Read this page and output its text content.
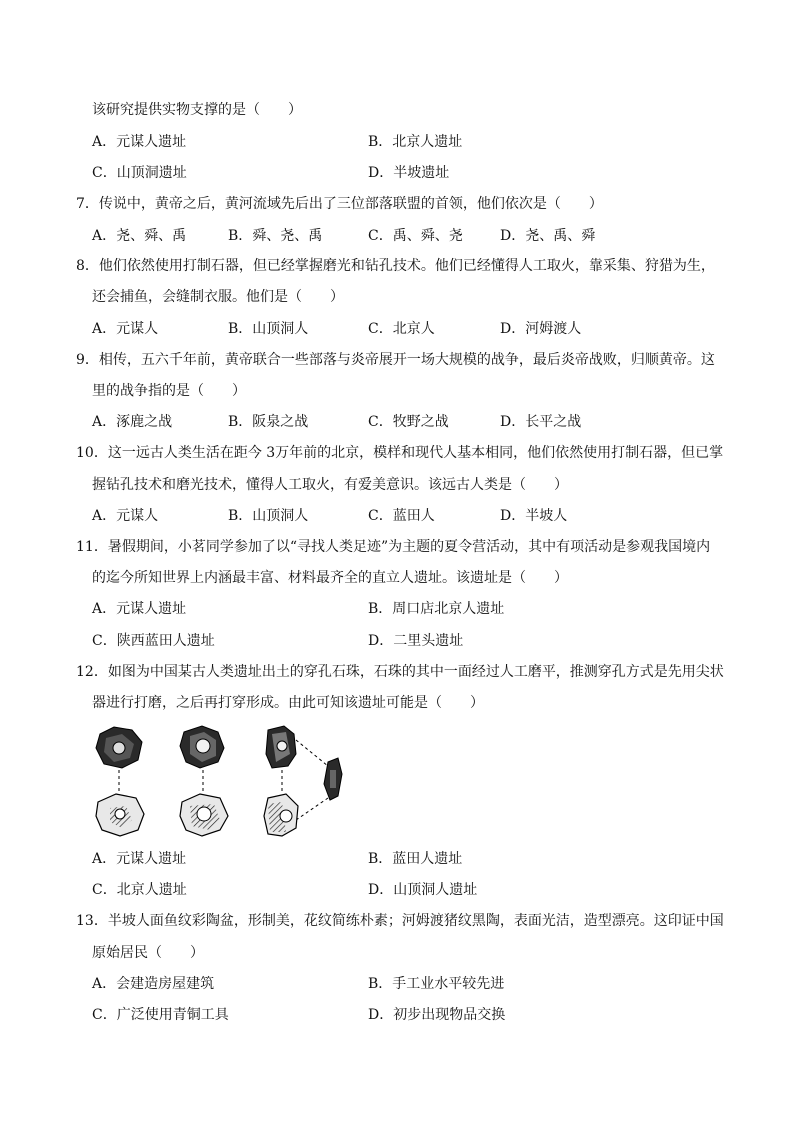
该研究提供实物支撑的是（　　）
A．元谋人遗址	B．北京人遗址
C．山顶洞遗址	D．半坡遗址
7．传说中，黄帝之后，黄河流域先后出了三位部落联盟的首领，他们依次是（　　）
A．尧、舜、禹	B．舜、尧、禹	C．禹、舜、尧	D．尧、禹、舜
8．他们依然使用打制石器，但已经掌握磨光和钻孔技术。他们已经懂得人工取火，靠采集、狩猎为生，
还会捕鱼，会缝制衣服。他们是（　　）
A．元谋人	B．山顶洞人	C．北京人	D．河姆渡人
9．相传，五六千年前，黄帝联合一些部落与炎帝展开一场大规模的战争，最后炎帝战败，归顺黄帝。这
里的战争指的是（　　）
A．涿鹿之战	B．阪泉之战	C．牧野之战	D．长平之战
10．这一远古人类生活在距今 3万年前的北京，模样和现代人基本相同，他们依然使用打制石器，但已掌
握钻孔技术和磨光技术，懂得人工取火，有爱美意识。该远古人类是（　　）
A．元谋人	B．山顶洞人	C．蓝田人	D．半坡人
11．暑假期间，小茗同学参加了以“寻找人类足迹”为主题的夏令营活动，其中有项活动是参观我国境内
的迄今所知世界上内涵最丰富、材料最齐全的直立人遗址。该遗址是（　　）
A．元谋人遗址	B．周口店北京人遗址
C．陕西蓝田人遗址	D．二里头遗址
12．如图为中国某古人类遗址出土的穿孔石珠，石珠的其中一面经过人工磨平，推测穿孔方式是先用尖状
器进行打磨，之后再打穿形成。由此可知该遗址可能是（　　）
A．元谋人遗址	B．蓝田人遗址
C．北京人遗址	D．山顶洞人遗址
13．半坡人面鱼纹彩陶盆，形制美，花纹简练朴素；河姆渡猪纹黑陶，表面光洁，造型漂亮。这印证中国
原始居民（　　）
A．会建造房屋建筑	B．手工业水平较先进
C．广泛使用青铜工具	D．初步出现物品交换
